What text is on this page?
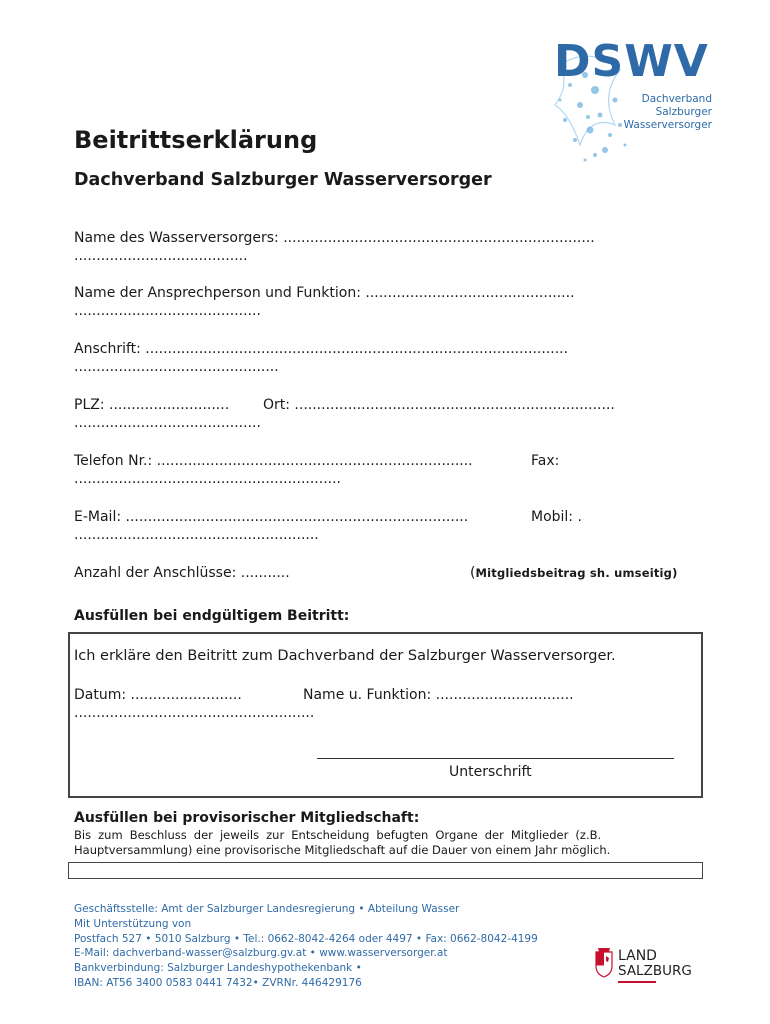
DSWV
Dachverband
Salzburger
Wasserversorger
Beitrittserklärung
Dachverband Salzburger Wasserversorger
Name des Wasserversorgers: ......................................................................
.......................................
Name der Ansprechperson und Funktion: ...............................................
..........................................
Anschrift: ...............................................................................................
..............................................
PLZ: ........................... Ort: ........................................................................
..........................................
Telefon Nr.: .......................................................................	Fax:
............................................................
E-Mail: .............................................................................	Mobil: .
.......................................................
Anzahl der Anschlüsse: ...........	(Mitgliedsbeitrag sh. umseitig)
Ausfüllen bei endgültigem Beitritt:
Ich erkläre den Beitritt zum Dachverband der Salzburger Wasserversorger.
Datum: .........................	Name u. Funktion: ...............................
......................................................
Unterschrift
Ausfüllen bei provisorischer Mitgliedschaft:
Bis zum Beschluss der jeweils zur Entscheidung befugten Organe der Mitglieder (z.B.
Hauptversammlung) eine provisorische Mitgliedschaft auf die Dauer von einem Jahr möglich.
Geschäftsstelle: Amt der Salzburger Landesregierung • Abteilung Wasser
Mit Unterstützung von
Postfach 527 • 5010 Salzburg • Tel.: 0662-8042-4264 oder 4497 • Fax: 0662-8042-4199
E-Mail: dachverband-wasser@salzburg.gv.at • www.wasserversorger.at
Bankverbindung: Salzburger Landeshypothekenbank •
IBAN: AT56 3400 0583 0441 7432• ZVRNr. 446429176
LAND
SALZBURG
